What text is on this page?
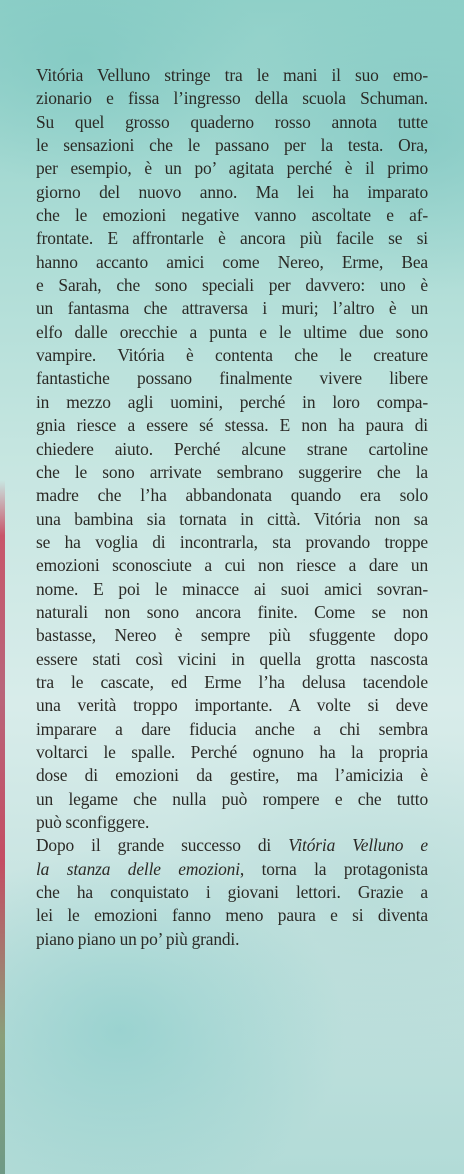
Vitória Velluno stringe tra le mani il suo emo-
zionario e fissa l’ingresso della scuola Schuman.
Su quel grosso quaderno rosso annota tutte
le sensazioni che le passano per la testa. Ora,
per esempio, è un po’ agitata perché è il primo
giorno del nuovo anno. Ma lei ha imparato
che le emozioni negative vanno ascoltate e af-
frontate. E affrontarle è ancora più facile se si
hanno accanto amici come Nereo, Erme, Bea
e Sarah, che sono speciali per davvero: uno è
un fantasma che attraversa i muri; l’altro è un
elfo dalle orecchie a punta e le ultime due sono
vampire. Vitória è contenta che le creature
fantastiche possano finalmente vivere libere
in mezzo agli uomini, perché in loro compa-
gnia riesce a essere sé stessa. E non ha paura di
chiedere aiuto. Perché alcune strane cartoline
che le sono arrivate sembrano suggerire che la
madre che l’ha abbandonata quando era solo
una bambina sia tornata in città. Vitória non sa
se ha voglia di incontrarla, sta provando troppe
emozioni sconosciute a cui non riesce a dare un
nome. E poi le minacce ai suoi amici sovran-
naturali non sono ancora finite. Come se non
bastasse, Nereo è sempre più sfuggente dopo
essere stati così vicini in quella grotta nascosta
tra le cascate, ed Erme l’ha delusa tacendole
una verità troppo importante. A volte si deve
imparare a dare fiducia anche a chi sembra
voltarci le spalle. Perché ognuno ha la propria
dose di emozioni da gestire, ma l’amicizia è
un legame che nulla può rompere e che tutto
può sconfiggere.
Dopo il grande successo di Vitória Velluno e
la stanza delle emozioni, torna la protagonista
che ha conquistato i giovani lettori. Grazie a
lei le emozioni fanno meno paura e si diventa
piano piano un po’ più grandi.
